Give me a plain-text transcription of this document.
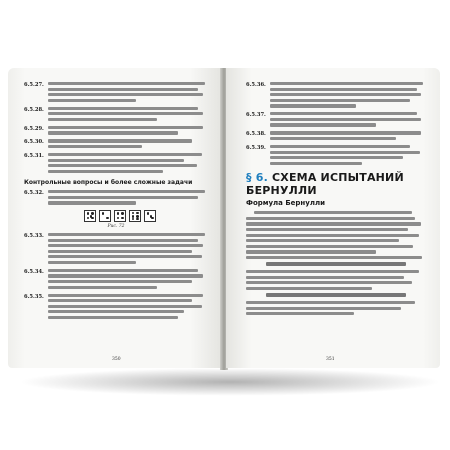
6.5.27.
6.5.28.
6.5.29.
6.5.30.
6.5.31.
Контрольные вопросы и более сложные задачи
6.5.32.
Рис. 72
6.5.33.
6.5.34.
6.5.35.
350
6.5.36.
6.5.37.
6.5.38.
6.5.39.
§ 6. СХЕМА ИСПЫТАНИЙ БЕРНУЛЛИ
Формула Бернулли
351
